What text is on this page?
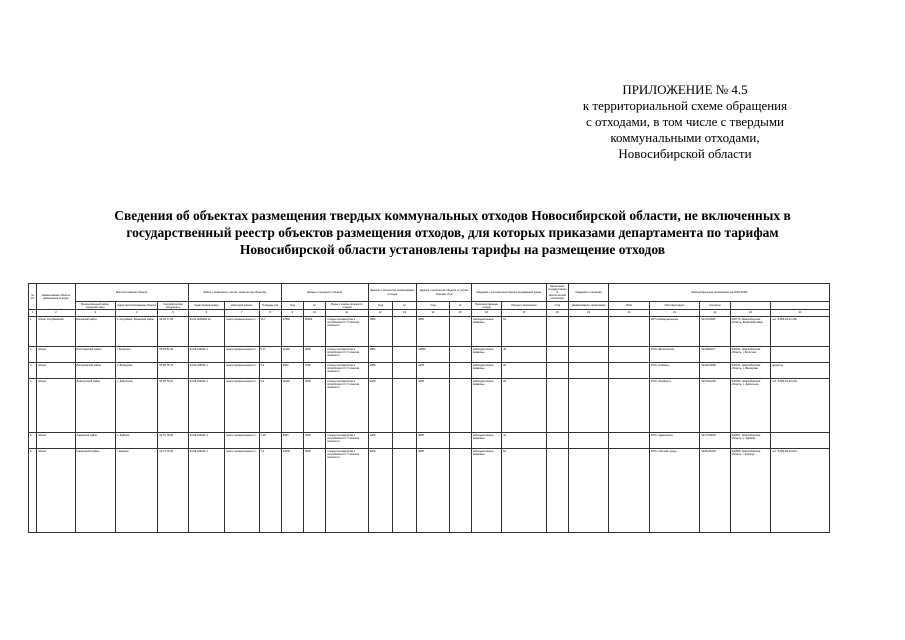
ПРИЛОЖЕНИЕ № 4.5
к территориальной схеме обращения
с отходами, в том числе с твердыми
коммунальными отходами,
Новосибирской области
Сведения об объектах размещения твердых коммунальных отходов Новосибирской области, не включенных в
государственный реестр объектов размещения отходов, для которых приказами департамента по тарифам
Новосибирской области установлены тарифы на размещение отходов
№ п/п	Наименование объекта размещения отходов	Местоположение объекта			Земли и земельные участки, занятые под объектом			Данные о мощности объекта			Данные о количестве размещаемых отходов		Данные о количестве объекта (с учетом объема) т/год		Сведения о системе мониторинга окружающей среды		Заключение государственной экологической экспертизы	Сведения о лицензии	Эксплуатирующая организация (на 2018-2019)				
		Муниципальный район, городской округ	Адрес местоположения объекта	Географические координаты	Кадастровый номер	Категория земель	Площадь (га)	т/год	м³	Виды и классы опасности отходов	т/год	м³	т/год	м³	Производственные отходы	Процент заполнения	т/год	Наименование организации	ИНН	Почтовый адрес	Контакты		
1	2	3	4	5	6	7	8	9	10	11	12	13	14	15	16	17	18	19	20	21	22	23	24
1	объект Кочубаевский	Баганский район	с. Кочубаево, Баганский район	54.05 77.06	54:01:0000000:12	земли промышленности	15.7	17000	25000	отходы производства и потребления IV, V классов опасности	1500		4500		наблюдательные скважины	63				МУП «Коммунальщик»	5417104567	632770, Новосибирская область, Баганский район	тел. 8-383-53-21-450
2	объект	Болотнинский район	г. Болотное	55.65 84.39	54:03:014201:1	земли промышленности	5.77	11300	2800	отходы производства и потребления IV, V классов опасности	2800		12800		наблюдательные скважины	45				ООО «Болотное-Б»	5413006277	633341, Новосибирская область, г. Болотное	
3	объект	Венгеровский район	с. Венгерово	55.68 76.75	54:04:036701:1	земли промышленности	3.4	4500	3750	отходы производства и потребления IV, V классов опасности	1350		2400		наблюдательные скважины	36				ООО «Сибирь»	5419104568	632241, Новосибирская область, с. Венгерово	директор
4	объект	Доволенский район	с. Довольное	54.50 79.67	54:05:040101:1	земли промышленности	4.0	11000	4500	отходы производства и потребления IV, V классов опасности	2000		4500		наблюдательные скважины	33				ООО «Комфорт»	5417101235	632450, Новосибирская область, с. Довольное	тел. 8-383-54-20-234
5	объект	Здвинский район	с. Здвинск	54.70 78.66	54:06:010101:1	земли промышленности	1.68	5400	2050	отходы производства и потребления IV, V классов опасности	1000		6500		наблюдательные скважины	41				ООО «Здвинское»	5417700020	632951, Новосибирская область, с. Здвинск	
6	объект	Карасукский район	г. Карасук	53.73 78.04	54:09:034101:1	земли промышленности	7.6	14000	9650	отходы производства и потребления IV, V классов опасности	3000		3500		наблюдательные скважины	52				ООО «Чистый город»	5422136400	632868, Новосибирская область, г. Карасук	тел. 8-383-55-33-012
